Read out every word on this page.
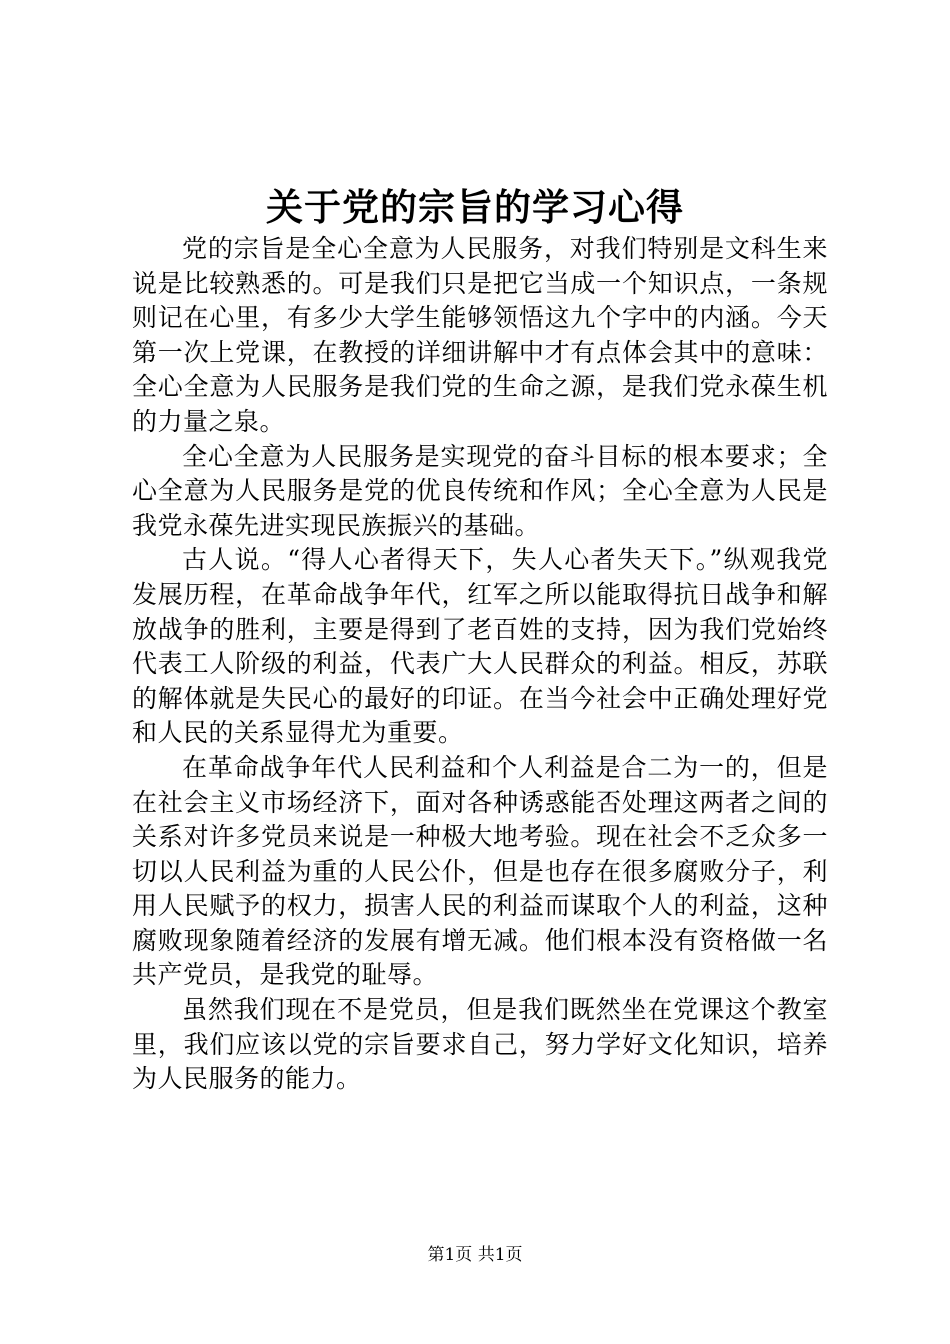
关于党的宗旨的学习心得

党的宗旨是全心全意为人民服务，对我们特别是文科生来说是比较熟悉的。可是我们只是把它当成一个知识点，一条规则记在心里，有多少大学生能够领悟这九个字中的内涵。今天第一次上党课，在教授的详细讲解中才有点体会其中的意味：全心全意为人民服务是我们党的生命之源，是我们党永葆生机的力量之泉。

全心全意为人民服务是实现党的奋斗目标的根本要求；全心全意为人民服务是党的优良传统和作风；全心全意为人民是我党永葆先进实现民族振兴的基础。

古人说。“得人心者得天下，失人心者失天下。”纵观我党发展历程，在革命战争年代，红军之所以能取得抗日战争和解放战争的胜利，主要是得到了老百姓的支持，因为我们党始终代表工人阶级的利益，代表广大人民群众的利益。相反，苏联的解体就是失民心的最好的印证。在当今社会中正确处理好党和人民的关系显得尤为重要。

在革命战争年代人民利益和个人利益是合二为一的，但是在社会主义市场经济下，面对各种诱惑能否处理这两者之间的关系对许多党员来说是一种极大地考验。现在社会不乏众多一切以人民利益为重的人民公仆，但是也存在很多腐败分子，利用人民赋予的权力，损害人民的利益而谋取个人的利益，这种腐败现象随着经济的发展有增无减。他们根本没有资格做一名共产党员，是我党的耻辱。

虽然我们现在不是党员，但是我们既然坐在党课这个教室里，我们应该以党的宗旨要求自己，努力学好文化知识，培养为人民服务的能力。

第1页 共1页
